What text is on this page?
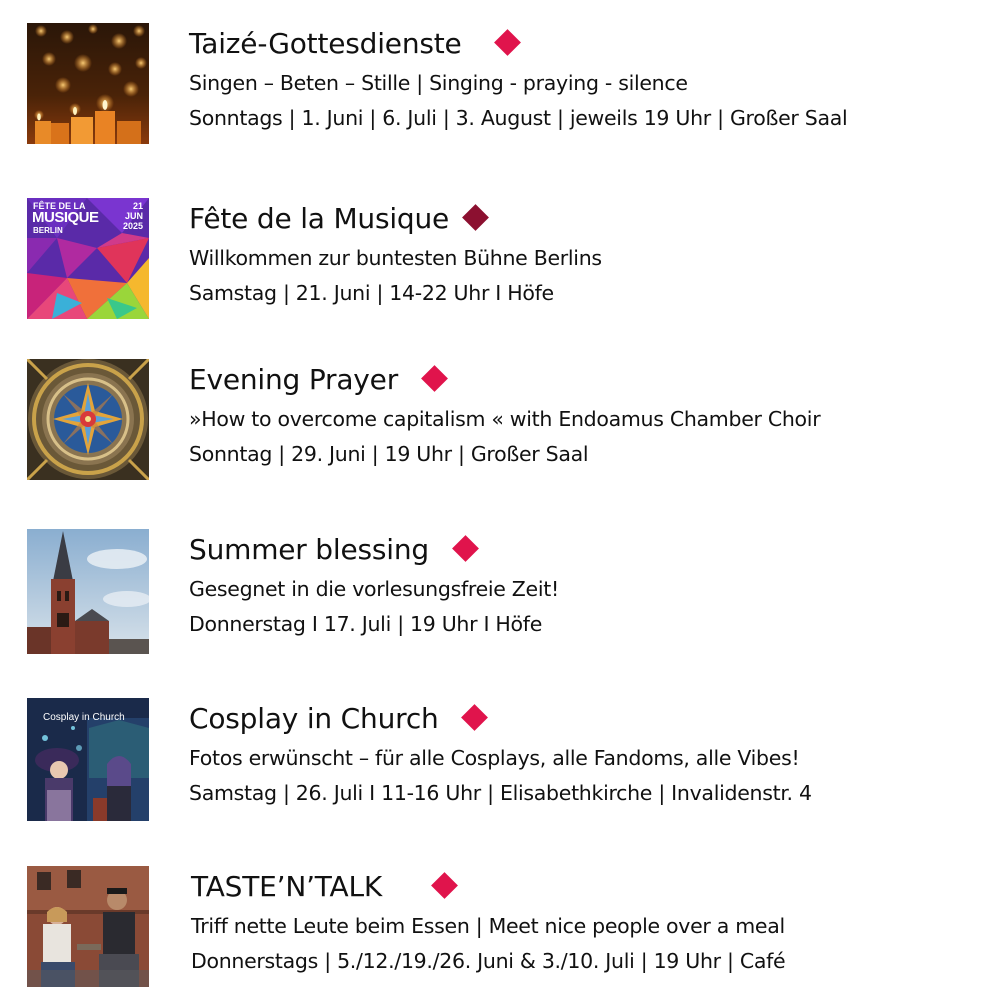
Taizé-Gottesdienste
Singen – Beten – Stille | Singing - praying - silence
Sonntags | 1. Juni | 6. Juli | 3. August | jeweils 19 Uhr | Großer Saal
FÊTE DE LA
MUSIQUE
BERLIN
21
JUN
2025 Fête de la Musique
Willkommen zur buntesten Bühne Berlins
Samstag | 21. Juni | 14-22 Uhr I Höfe
Evening Prayer
»How to overcome capitalism « with Endoamus Chamber Choir
Sonntag | 29. Juni | 19 Uhr | Großer Saal
Summer blessing
Gesegnet in die vorlesungsfreie Zeit!
Donnerstag I 17. Juli | 19 Uhr I Höfe
Cosplay in Church Cosplay in Church
Fotos erwünscht – für alle Cosplays, alle Fandoms, alle Vibes!
Samstag | 26. Juli I 11-16 Uhr | Elisabethkirche | Invalidenstr. 4
TASTE’N’TALK
Triff nette Leute beim Essen | Meet nice people over a meal
Donnerstags | 5./12./19./26. Juni & 3./10. Juli | 19 Uhr | Café
